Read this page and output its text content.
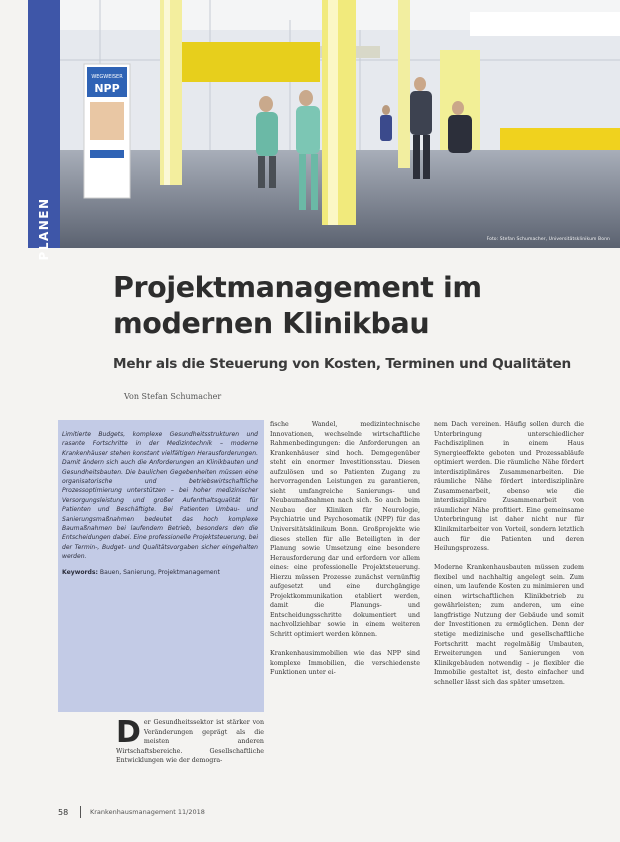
WEGWEISER
NPP
Foto: Stefan Schumacher, Universitätsklinikum Bonn
PLANEN
Projektmanagement im modernen Klinikbau
Mehr als die Steuerung von Kosten, Terminen und Qualitäten
Von Stefan Schumacher

Limitierte Budgets, komplexe Gesundheitsstrukturen und rasante Fortschritte in der Medizintechnik – moderne Krankenhäuser stehen konstant vielfältigen Herausforderungen. Damit ändern sich auch die Anforderungen an Klinikbauten und Gesundheitsbauten. Die baulichen Gegebenheiten müssen eine organisatorische und betriebswirtschaftliche Prozessoptimierung unterstützen – bei hoher medizinischer Versorgungsleistung und großer Aufenthaltsqualität für Patienten und Beschäftigte. Bei Patienten Umbau- und Sanierungsmaßnahmen bedeutet das hoch komplexe Baumaßnahmen bei laufendem Betrieb, besonders den die Entscheidungen dabei. Eine professionelle Projektsteuerung, bei der Termin-, Budget- und Qualitätsvorgaben sicher eingehalten werden.

Keywords: Bauen, Sanierung, Projektmanagement

Der Gesundheitssektor ist stärker von Veränderungen geprägt als die meisten anderen Wirtschaftsbereiche. Gesellschaftliche Entwicklungen wie der demogra-

fische Wandel, medizintechnische Innovationen, wechselnde wirtschaftliche Rahmenbedingungen: die Anforderungen an Krankenhäuser sind hoch. Demgegenüber steht ein enormer Investitionsstau. Diesen aufzulösen und so Patienten Zugang zu hervorragenden Leistungen zu garantieren, sieht umfangreiche Sanierungs- und Neubaumaßnahmen nach sich. So auch beim Neubau der Kliniken für Neurologie, Psychiatrie und Psychosomatik (NPP) für das Universitätsklinikum Bonn. Großprojekte wie dieses stellen für alle Beteiligten in der Planung sowie Umsetzung eine besondere Herausforderung dar und erfordern vor allem eines: eine professionelle Projektsteuerung. Hierzu müssen Prozesse zunächst vernünftig aufgesetzt und eine durchgängige Projektkommunikation etabliert werden, damit die Planungs- und Entscheidungsschritte dokumentiert und nachvollziehbar sowie in einem weiteren Schritt optimiert werden können.

Krankenhausimmobilien wie das NPP sind komplexe Immobilien, die verschiedenste Funktionen unter ei-

nem Dach vereinen. Häufig sollen durch die Unterbringung unterschiedlicher Fachdisziplinen in einem Haus Synergieeffekte geboten und Prozessabläufe optimiert werden. Die räumliche Nähe fördert interdisziplinäres Zusammenarbeiten. Die räumliche Nähe fördert interdisziplinäre Zusammenarbeit, ebenso wie die interdisziplinäre Zusammenarbeit von räumlicher Nähe profitiert. Eine gemeinsame Unterbringung ist daher nicht nur für Klinikmitarbeiter von Vorteil, sondern letztlich auch für die Patienten und deren Heilungsprozess.

Moderne Krankenhausbauten müssen zudem flexibel und nachhaltig angelegt sein. Zum einen, um laufende Kosten zu minimieren und einen wirtschaftlichen Klinikbetrieb zu gewährleisten; zum anderen, um eine langfristige Nutzung der Gebäude und somit der Investitionen zu ermöglichen. Denn der stetige medizinische und gesellschaftliche Fortschritt macht regelmäßig Umbauten, Erweiterungen und Sanierungen von Klinikgebäuden notwendig – je flexibler die Immobilie gestaltet ist, desto einfacher und schneller lässt sich das später umsetzen.

58	Krankenhausmanagement 11/2018
